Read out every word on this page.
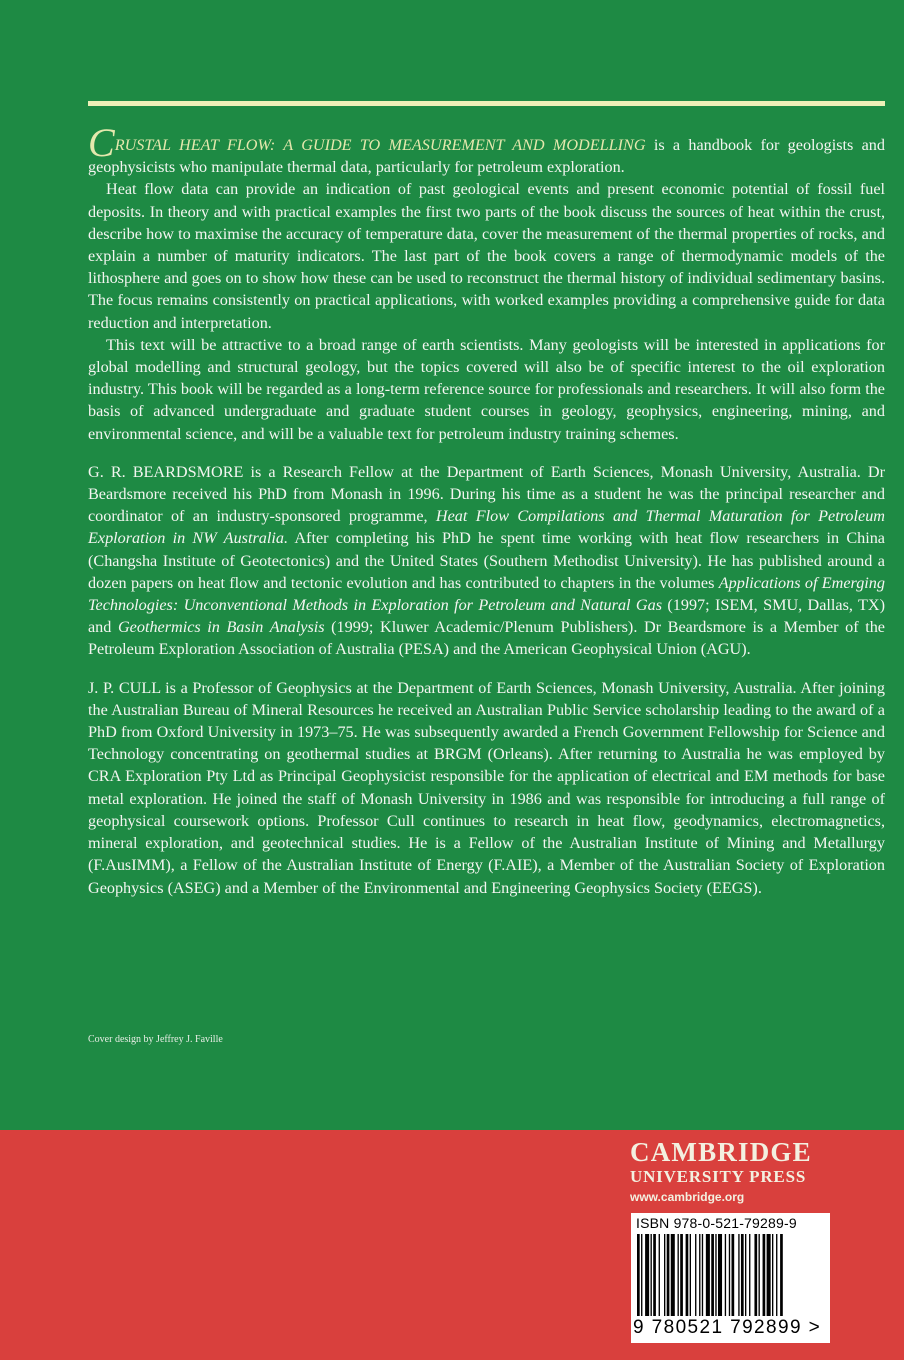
CRUSTAL HEAT FLOW: A GUIDE TO MEASUREMENT AND MODELLING is a handbook for geologists and geophysicists who manipulate thermal data, particularly for petroleum exploration.

Heat flow data can provide an indication of past geological events and present economic potential of fossil fuel deposits. In theory and with practical examples the first two parts of the book discuss the sources of heat within the crust, describe how to maximise the accuracy of temperature data, cover the measurement of the thermal properties of rocks, and explain a number of maturity indicators. The last part of the book covers a range of thermodynamic models of the lithosphere and goes on to show how these can be used to reconstruct the thermal history of individual sedimentary basins. The focus remains consistently on practical applications, with worked examples providing a comprehensive guide for data reduction and interpretation.

This text will be attractive to a broad range of earth scientists. Many geologists will be interested in applications for global modelling and structural geology, but the topics covered will also be of specific interest to the oil exploration industry. This book will be regarded as a long-term reference source for professionals and researchers. It will also form the basis of advanced undergraduate and graduate student courses in geology, geophysics, engineering, mining, and environmental science, and will be a valuable text for petroleum industry training schemes.

G. R. BEARDSMORE is a Research Fellow at the Department of Earth Sciences, Monash University, Australia. Dr Beardsmore received his PhD from Monash in 1996. During his time as a student he was the principal researcher and coordinator of an industry-sponsored programme, Heat Flow Compilations and Thermal Maturation for Petroleum Exploration in NW Australia. After completing his PhD he spent time working with heat flow researchers in China (Changsha Institute of Geotectonics) and the United States (Southern Methodist University). He has published around a dozen papers on heat flow and tectonic evolution and has contributed to chapters in the volumes Applications of Emerging Technologies: Unconventional Methods in Exploration for Petroleum and Natural Gas (1997; ISEM, SMU, Dallas, TX) and Geothermics in Basin Analysis (1999; Kluwer Academic/Plenum Publishers). Dr Beardsmore is a Member of the Petroleum Exploration Association of Australia (PESA) and the American Geophysical Union (AGU).

J. P. CULL is a Professor of Geophysics at the Department of Earth Sciences, Monash University, Australia. After joining the Australian Bureau of Mineral Resources he received an Australian Public Service scholarship leading to the award of a PhD from Oxford University in 1973–75. He was subsequently awarded a French Government Fellowship for Science and Technology concentrating on geothermal studies at BRGM (Orleans). After returning to Australia he was employed by CRA Exploration Pty Ltd as Principal Geophysicist responsible for the application of electrical and EM methods for base metal exploration. He joined the staff of Monash University in 1986 and was responsible for introducing a full range of geophysical coursework options. Professor Cull continues to research in heat flow, geodynamics, electromagnetics, mineral exploration, and geotechnical studies. He is a Fellow of the Australian Institute of Mining and Metallurgy (F.AusIMM), a Fellow of the Australian Institute of Energy (F.AIE), a Member of the Australian Society of Exploration Geophysics (ASEG) and a Member of the Environmental and Engineering Geophysics Society (EEGS).

Cover design by Jeffrey J. Faville
CAMBRIDGE
UNIVERSITY PRESS
www.cambridge.org
ISBN 978-0-521-79289-9
9 780521 792899 >
